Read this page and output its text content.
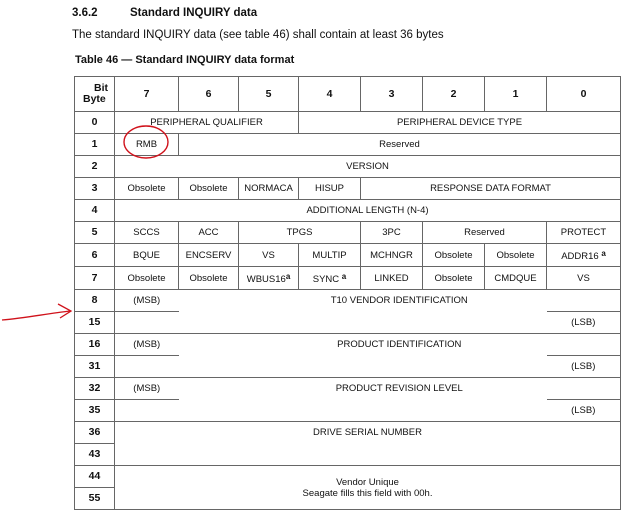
3.6.2	Standard INQUIRY data
The standard INQUIRY data (see table 46) shall contain at least 36 bytes
Table 46 — Standard INQUIRY data format
Bit
Byte	7	6	5	4	3	2	1	0
0	PERIPHERAL QUALIFIER			PERIPHERAL DEVICE TYPE				
1	RMB	Reserved						
2	VERSION							
3	Obsolete	Obsolete	NORMACA	HISUP	RESPONSE DATA FORMAT			
4	ADDITIONAL LENGTH (N-4)							
5	SCCS	ACC	TPGS		3PC	Reserved		PROTECT
6	BQUE	ENCSERV	VS	MULTIP	MCHNGR	Obsolete	Obsolete	ADDR16 $^a$
7	Obsolete	Obsolete	WBUS16$^a$	SYNC $^a$	LINKED	Obsolete	CMDQUE	VS
8	(MSB)	T10 VENDOR IDENTIFICATION						
15								(LSB)
16	(MSB)	PRODUCT IDENTIFICATION						
31								(LSB)
32	(MSB)	PRODUCT REVISION LEVEL						
35								(LSB)
36	DRIVE SERIAL NUMBER							
43								
44	Vendor Unique
Seagate fills this field with 00h.							

55								
